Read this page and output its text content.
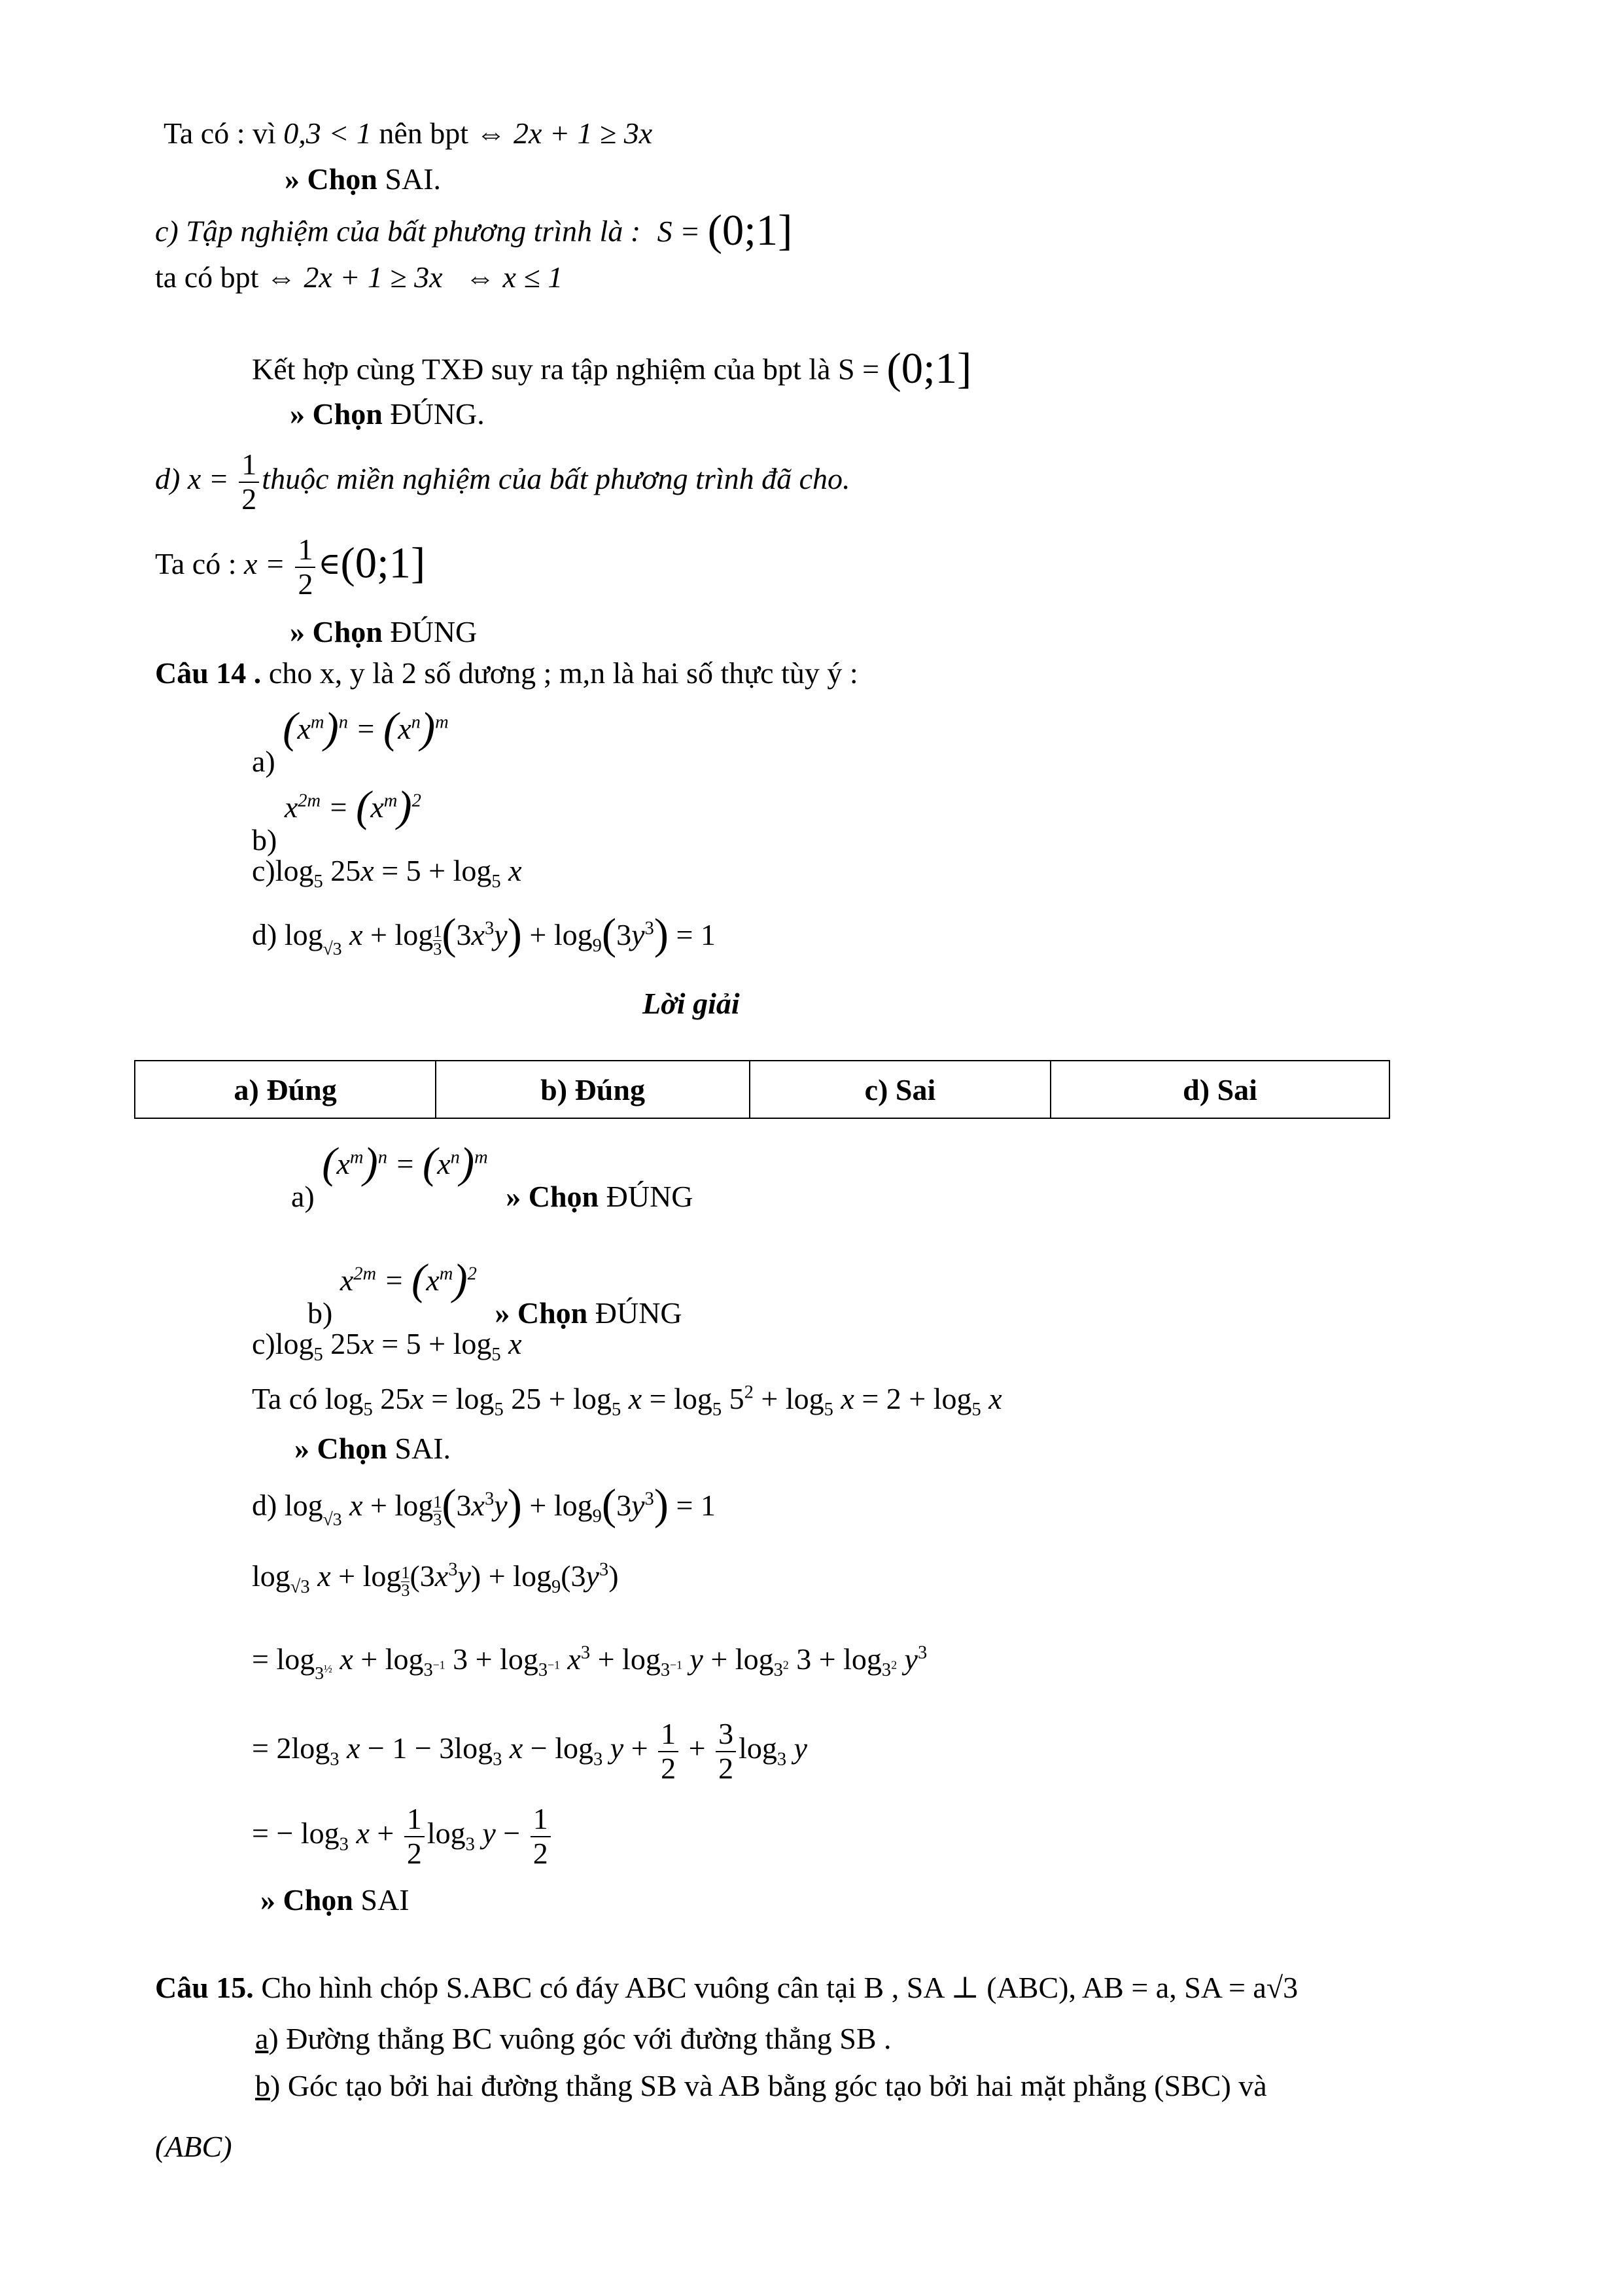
Ta có : vì 0,3 < 1 nên bpt ⇔ 2x + 1 ≥ 3x
» Chọn SAI.
c) Tập nghiệm của bất phương trình là : S = (0;1]
ta có bpt ⇔ 2x + 1 ≥ 3x   ⇔ x ≤ 1
Kết hợp cùng TXĐ suy ra tập nghiệm của bpt là S = (0;1]
» Chọn ĐÚNG.
d) $x = \frac{1}{2}$ thuộc miền nghiệm của bất phương trình đã cho.
Ta có : $x = \frac{1}{2}$ ∈(0;1]
» Chọn ĐÚNG
Câu 14 . cho x, y là 2 số dương ; m,n là hai số thực tùy ý :
a) $(x^m)^n = (x^n)^m$
b) $x^{2m} = (x^m)^2$
$c)\log_5$ $25x = 5 + \log_5 x$
d) log√3 $x + \log \frac{1}{3} (3x^3y) + \log_9(3y^3) = 1$
Lời giải
a) Đúng	b) Đúng	c) Sai	d) Sai
a) $(x^m)^n = (x^n)^m$ » Chọn ĐÚNG
b) $x^{2m} = (x^m)^2$ » Chọn ĐÚNG
$c)\log_5$ $25x = 5 + \log_5 x$
Ta có $\log_5 25x = \log_5 25 + \log_5 x = \log_5 5^2 + \log_5 x = 2 + \log_5 x$
» Chọn SAI.
d) log√3 $x + \log \frac{1}{3} (3x^3y) + \log_9(3y^3) = 1$
$\log_{√3} x + \log \frac{1}{3} (3x^3y) + \log_9(3y^3)$
= $\log 3^{\frac{1}{2}}$ $x + \log_{3^{-1}} 3 + \log_{3^{-1}} x^3 + \log_{3^{-1}} y + \log_{3^2} 3 + \log_{3^2} y^3$
= $2\log_3$ $x - 1 - 3\log_3$ $x - \log_3 y + \frac{1}{2} + \frac{3}{2} \log_3 y$
= − $\log_3 x + \frac{1}{2} \log_3 y - \frac{1}{2}$
» Chọn SAI
Câu 15. Cho hình chóp S.ABC có đáy ABC vuông cân tại B , SA ⊥ (ABC), AB = a, SA = a√3
a) Đường thẳng BC vuông góc với đường thẳng SB .
b) Góc tạo bởi hai đường thẳng SB và AB bằng góc tạo bởi hai mặt phẳng (SBC) và
(ABC)
